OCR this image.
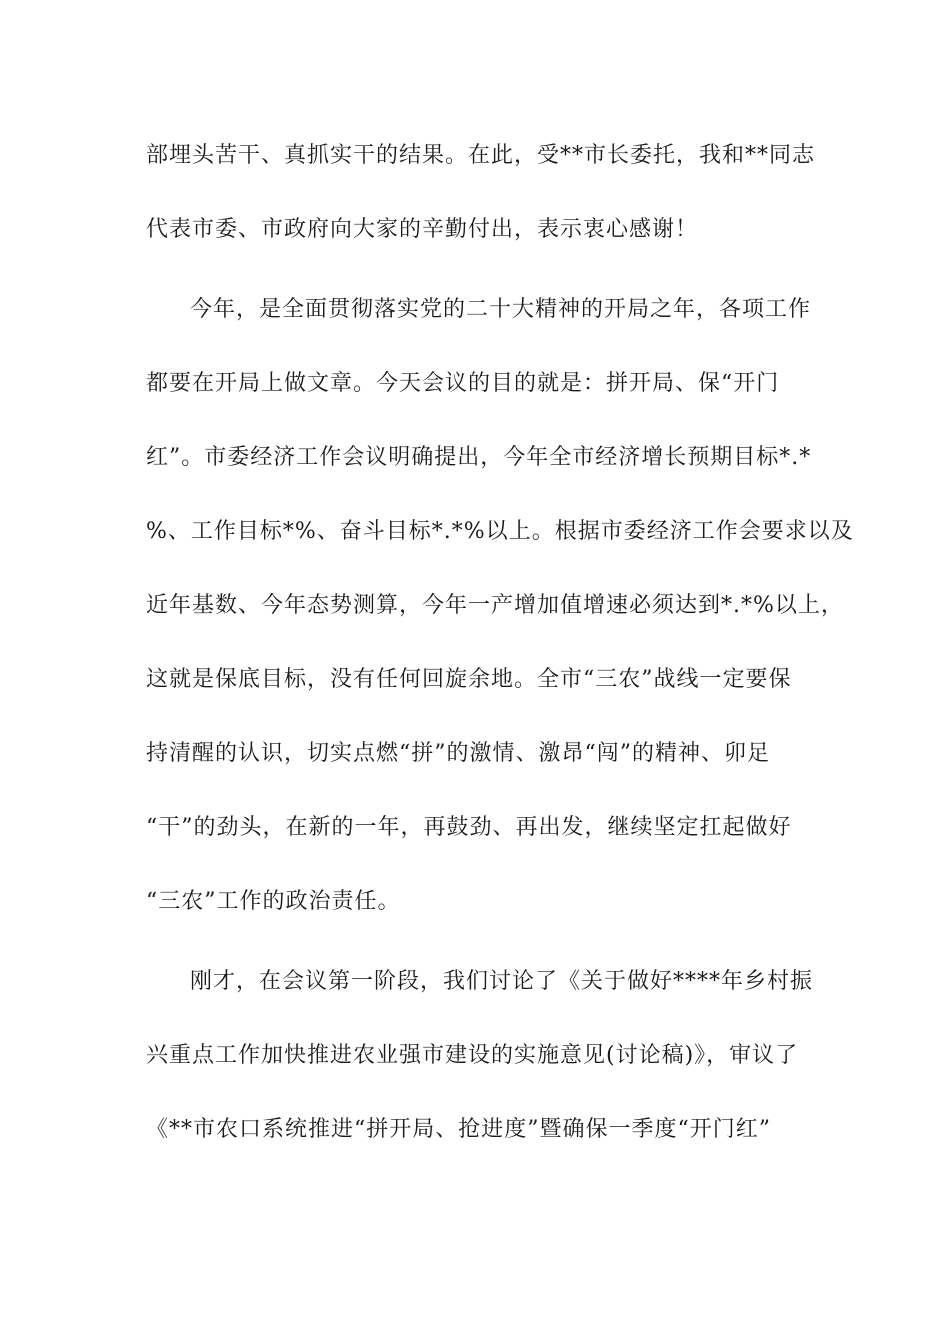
部埋头苦干、真抓实干的结果。在此，受**市长委托，我和**同志
代表市委、市政府向大家的辛勤付出，表示衷心感谢！
今年，是全面贯彻落实党的二十大精神的开局之年，各项工作
都要在开局上做文章。今天会议的目的就是：拼开局、保“开门
红”。市委经济工作会议明确提出，今年全市经济增长预期目标*.*
%、工作目标*%、奋斗目标*.*%以上。根据市委经济工作会要求以及
近年基数、今年态势测算，今年一产增加值增速必须达到*.*%以上，
这就是保底目标，没有任何回旋余地。全市“三农”战线一定要保
持清醒的认识，切实点燃“拼”的激情、激昂“闯”的精神、卯足
“干”的劲头，在新的一年，再鼓劲、再出发，继续坚定扛起做好
“三农”工作的政治责任。
刚才，在会议第一阶段，我们讨论了《关于做好****年乡村振
兴重点工作加快推进农业强市建设的实施意见(讨论稿)》，审议了
《**市农口系统推进“拼开局、抢进度”暨确保一季度“开门红”
